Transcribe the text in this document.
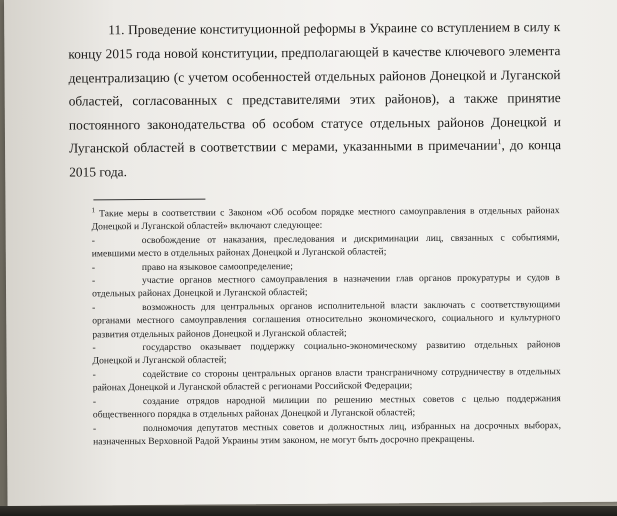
11. Проведение конституционной реформы в Украине со вступлением в силу к концу 2015 года новой конституции, предполагающей в качестве ключевого элемента децентрализацию (с учетом особенностей отдельных районов Донецкой и Луганской областей, согласованных с представителями этих районов), а также принятие постоянного законодательства об особом статусе отдельных районов Донецкой и Луганской областей в соответствии с мерами, указанными в примечании$^1$, до конца 2015 года.

$^1$ Такие меры в соответствии с Законом «Об особом порядке местного самоуправления в отдельных районах Донецкой и Луганской областей» включают следующее:

-	освобождение от наказания, преследования и дискриминации лиц, связанных с событиями, имевшими место в отдельных районах Донецкой и Луганской областей;

-	право на языковое самоопределение;

-	участие органов местного самоуправления в назначении глав органов прокуратуры и судов в отдельных районах Донецкой и Луганской областей;

-	возможность для центральных органов исполнительной власти заключать с соответствующими органами местного самоуправления соглашения относительно экономического, социального и культурного развития отдельных районов Донецкой и Луганской областей;

-	государство оказывает поддержку социально-экономическому развитию отдельных районов Донецкой и Луганской областей;

-	содействие со стороны центральных органов власти трансграничному сотрудничеству в отдельных районах Донецкой и Луганской областей с регионами Российской Федерации;

-	создание отрядов народной милиции по решению местных советов с целью поддержания общественного порядка в отдельных районах Донецкой и Луганской областей;

-	полномочия депутатов местных советов и должностных лиц, избранных на досрочных выборах, назначенных Верховной Радой Украины этим законом, не могут быть досрочно прекращены.
